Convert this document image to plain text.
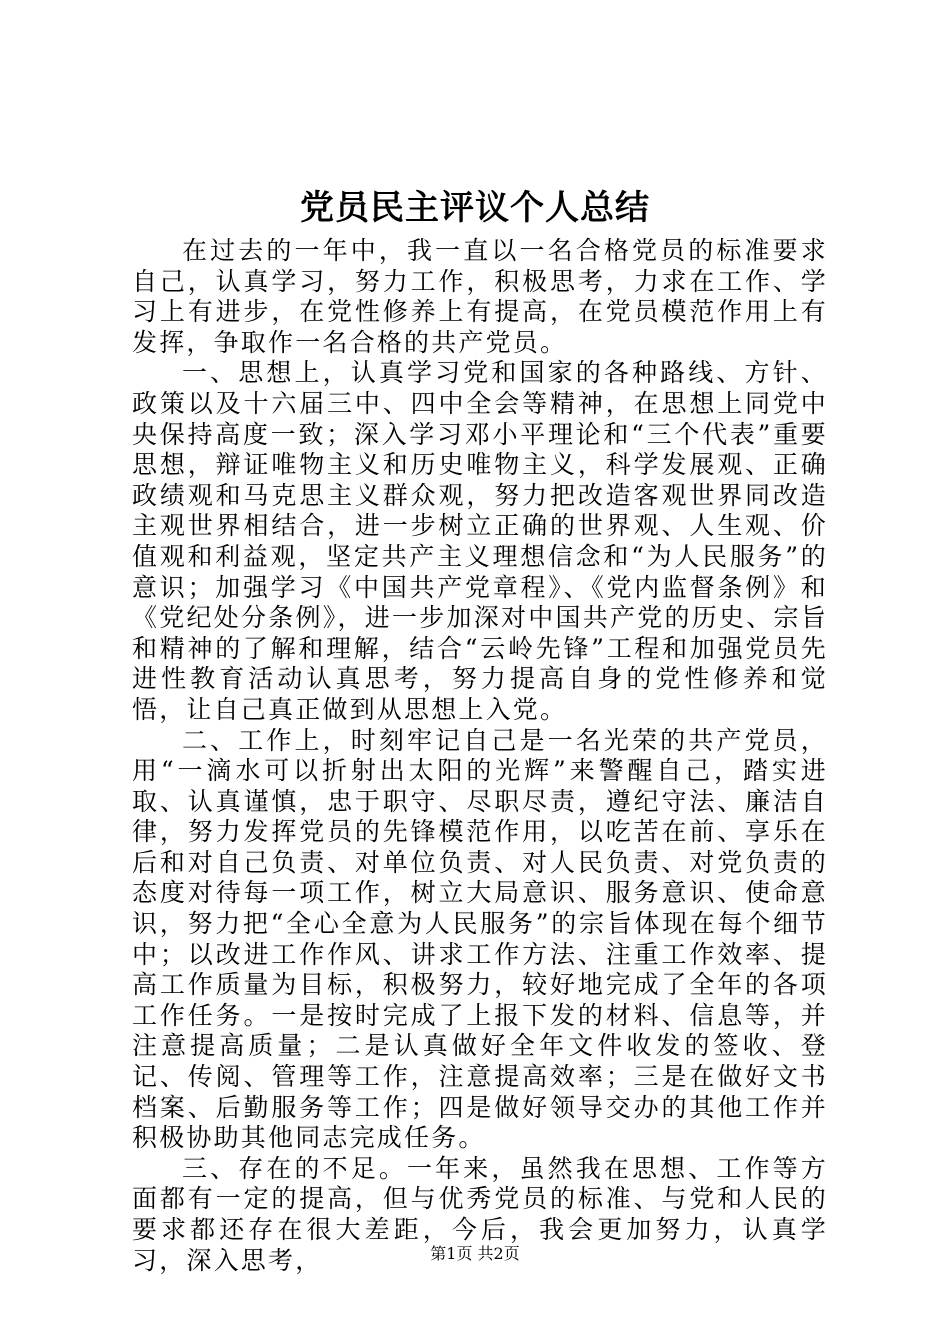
党员民主评议个人总结

在过去的一年中，我一直以一名合格党员的标准要求自己，认真学习，努力工作，积极思考，力求在工作、学习上有进步，在党性修养上有提高，在党员模范作用上有发挥，争取作一名合格的共产党员。

一、思想上，认真学习党和国家的各种路线、方针、政策以及十六届三中、四中全会等精神，在思想上同党中央保持高度一致；深入学习邓小平理论和“三个代表”重要思想，辩证唯物主义和历史唯物主义，科学发展观、正确政绩观和马克思主义群众观，努力把改造客观世界同改造主观世界相结合，进一步树立正确的世界观、人生观、价值观和利益观，坚定共产主义理想信念和“为人民服务”的意识；加强学习《中国共产党章程》、《党内监督条例》和《党纪处分条例》，进一步加深对中国共产党的历史、宗旨和精神的了解和理解，结合“云岭先锋”工程和加强党员先进性教育活动认真思考，努力提高自身的党性修养和觉悟，让自己真正做到从思想上入党。

二、工作上，时刻牢记自己是一名光荣的共产党员，用“一滴水可以折射出太阳的光辉”来警醒自己，踏实进取、认真谨慎，忠于职守、尽职尽责，遵纪守法、廉洁自律，努力发挥党员的先锋模范作用，以吃苦在前、享乐在后和对自己负责、对单位负责、对人民负责、对党负责的态度对待每一项工作，树立大局意识、服务意识、使命意识，努力把“全心全意为人民服务”的宗旨体现在每个细节中；以改进工作作风、讲求工作方法、注重工作效率、提高工作质量为目标，积极努力，较好地完成了全年的各项工作任务。一是按时完成了上报下发的材料、信息等，并注意提高质量；二是认真做好全年文件收发的签收、登记、传阅、管理等工作，注意提高效率；三是在做好文书档案、后勤服务等工作；四是做好领导交办的其他工作并积极协助其他同志完成任务。

三、存在的不足。一年来，虽然我在思想、工作等方面都有一定的提高，但与优秀党员的标准、与党和人民的要求都还存在很大差距，今后，我会更加努力，认真学习，深入思考，	第1页 共2页
